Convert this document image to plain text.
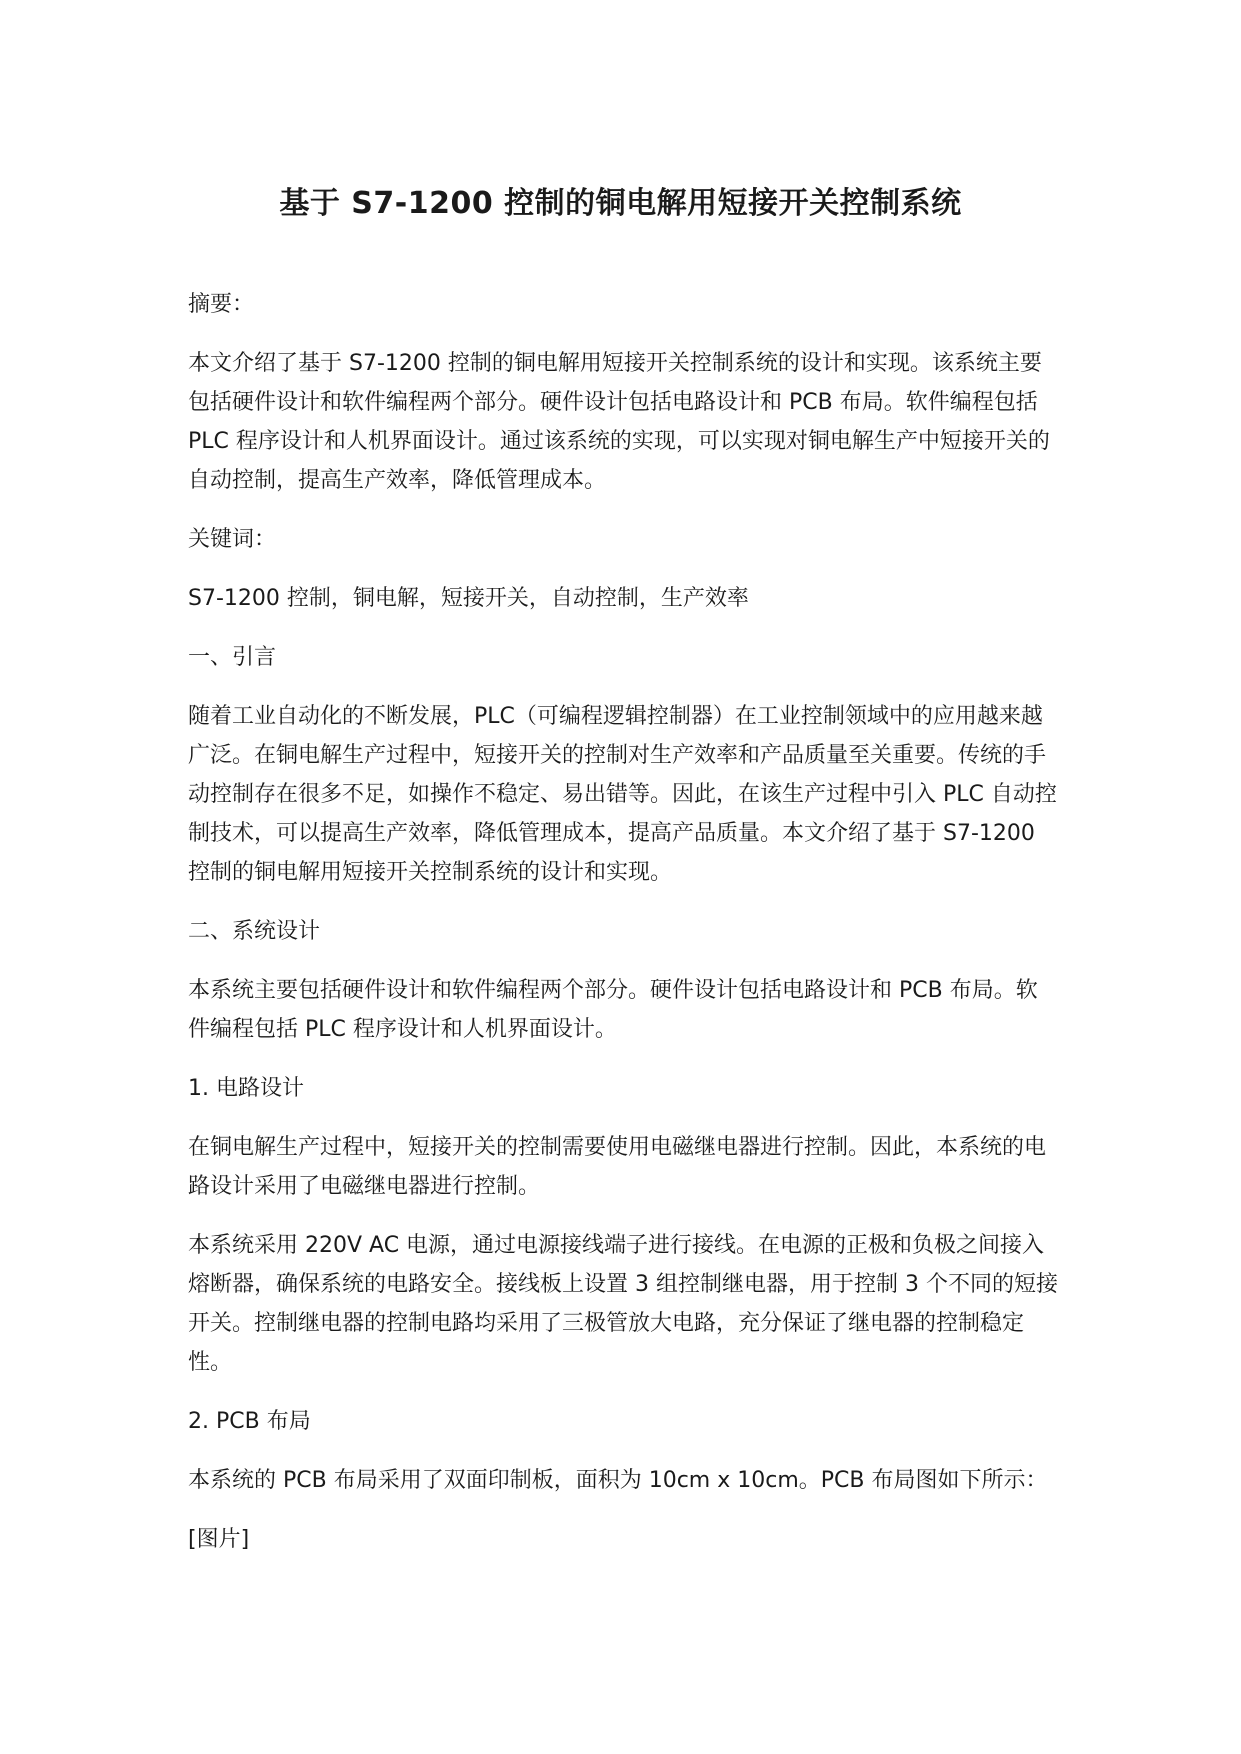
基于 S7-1200 控制的铜电解用短接开关控制系统

摘要：

本文介绍了基于 S7-1200 控制的铜电解用短接开关控制系统的设计和实现。该系统主要包括硬件设计和软件编程两个部分。硬件设计包括电路设计和 PCB 布局。软件编程包括 PLC 程序设计和人机界面设计。通过该系统的实现，可以实现对铜电解生产中短接开关的自动控制，提高生产效率，降低管理成本。

关键词：

S7-1200 控制，铜电解，短接开关，自动控制，生产效率

一、引言

随着工业自动化的不断发展，PLC（可编程逻辑控制器）在工业控制领域中的应用越来越广泛。在铜电解生产过程中，短接开关的控制对生产效率和产品质量至关重要。传统的手动控制存在很多不足，如操作不稳定、易出错等。因此，在该生产过程中引入 PLC 自动控制技术，可以提高生产效率，降低管理成本，提高产品质量。本文介绍了基于 S7-1200 控制的铜电解用短接开关控制系统的设计和实现。

二、系统设计

本系统主要包括硬件设计和软件编程两个部分。硬件设计包括电路设计和 PCB 布局。软件编程包括 PLC 程序设计和人机界面设计。

1. 电路设计

在铜电解生产过程中，短接开关的控制需要使用电磁继电器进行控制。因此，本系统的电路设计采用了电磁继电器进行控制。

本系统采用 220V AC 电源，通过电源接线端子进行接线。在电源的正极和负极之间接入熔断器，确保系统的电路安全。接线板上设置 3 组控制继电器，用于控制 3 个不同的短接开关。控制继电器的控制电路均采用了三极管放大电路，充分保证了继电器的控制稳定性。

2. PCB 布局

本系统的 PCB 布局采用了双面印制板，面积为 10cm x 10cm。PCB 布局图如下所示：

[图片]
